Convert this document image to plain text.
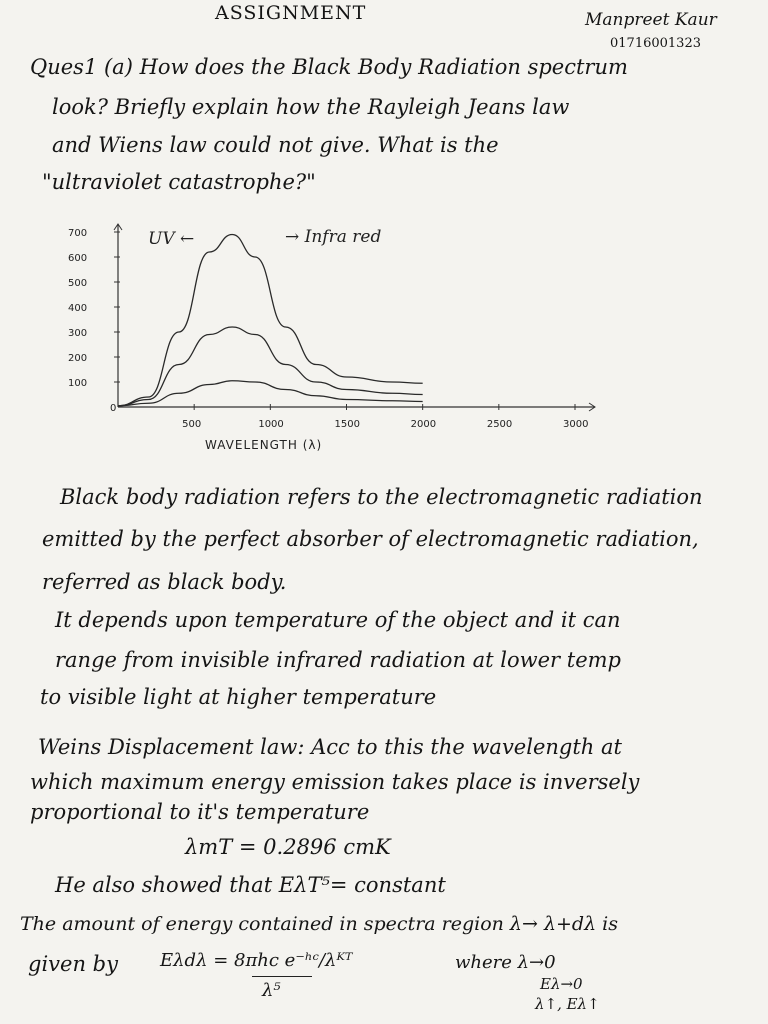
ASSIGNMENT	Manpreet Kaur
01716001323
Ques1 (a) How does the Black Body Radiation spectrum
look? Briefly explain how the Rayleigh Jeans law
and Wiens law could not give. What is the
"ultraviolet catastrophe?"
0
500	1000	1500	2000	2500	3000
100
200
300
400
500
600
700	UV ←	→ Infra red
WAVELENGTH (λ)
Black body radiation refers to the electromagnetic radiation
emitted by the perfect absorber of electromagnetic radiation,
referred as black body.
It depends upon temperature of the object and it can
range from invisible infrared radiation at lower temp
to visible light at higher temperature
Weins Displacement law: Acc to this the wavelength at
which maximum energy emission takes place is inversely
proportional to it's temperature
λmT = 0.2896 cmK
He also showed that EλT⁵= constant
The amount of energy contained in spectra region λ→ λ+dλ is
given by Eλdλ = 8πhc e⁻ʰᶜ/λᴷᵀ
λ⁵
where λ→0
Eλ→0
λ↑, Eλ↑
